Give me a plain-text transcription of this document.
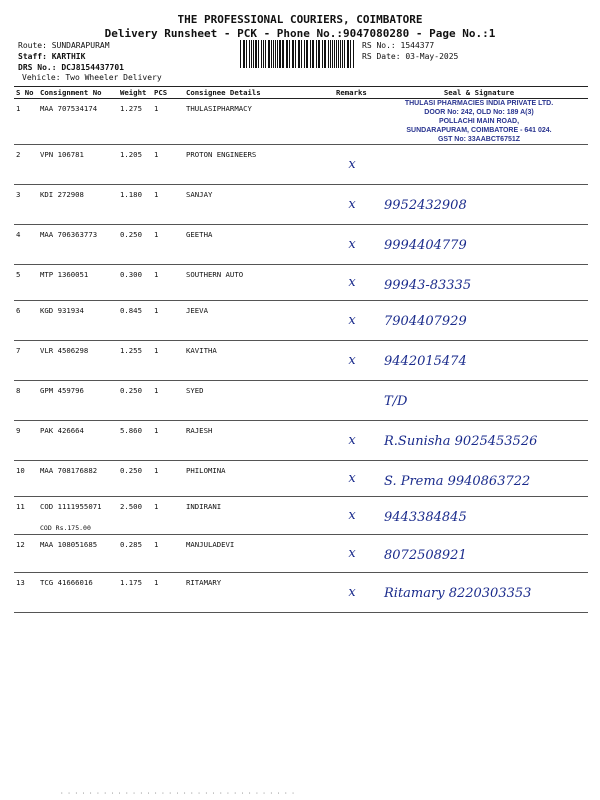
THE PROFESSIONAL COURIERS, COIMBATORE
Delivery Runsheet - PCK - Phone No.:9047080280 - Page No.:1
Route: SUNDARAPURAM
Staff: KARTHIK
DRS No.: DCJ8154437701
Vehicle: Two Wheeler Delivery
RS No.: 1544377
RS Date: 03-May-2025
S No	Consignment No	Weight	PCS	Consignee Details	Remarks	Seal & Signature
1	MAA 707534174	1.275	1	THULASIPHARMACY		THULASI PHARMACIES INDIA PRIVATE LTD.
DOOR No: 242, OLD No: 189 A(3)
POLLACHI MAIN ROAD,
SUNDARAPURAM, COIMBATORE - 641 024.
GST No: 33AABCT6751Z

2	VPN 106781	1.205	1	PROTON ENGINEERS	x	

3	KDI 272908	1.180	1	SANJAY	x	9952432908

4	MAA 706363773	0.250	1	GEETHA	x	9994404779

5	MTP 1360051	0.300	1	SOUTHERN AUTO	x	99943-83335

6	KGD 931934	0.845	1	JEEVA	x	7904407929

7	VLR 4506298	1.255	1	KAVITHA	x	9442015474

8	GPM 459796	0.250	1	SYED		T/D

9	PAK 426664	5.860	1	RAJESH	x	R.Sunisha 9025453526

10	MAA 708176882	0.250	1	PHILOMINA	x	S. Prema 9940863722

11	COD 1111955071
COD Rs.175.00	2.500	1	INDIRANI	x	9443384845

12	MAA 108051685	0.285	1	MANJULADEVI	x	8072508921

13	TCG 41666016	1.175	1	RITAMARY	x	Ritamary 8220303353
· · · · · · · · · · · · · · · · · · · · · · · · · · · · · · · · ·
